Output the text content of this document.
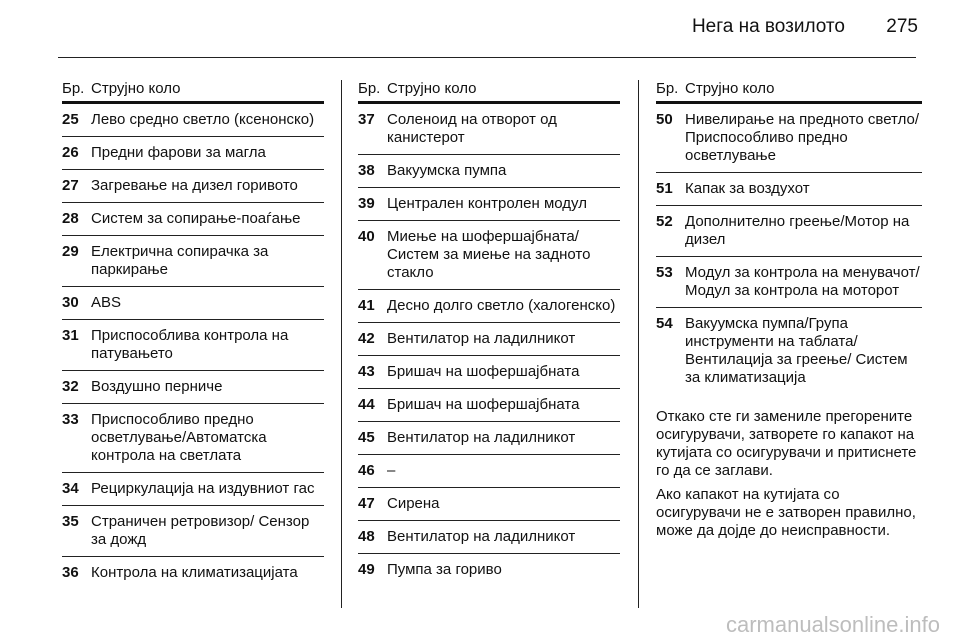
Нега на возилото 275
Бр. Струјно коло
25 Лево средно светло (ксенонско)
26 Предни фарови за магла
27 Загревање на дизел горивото
28 Систем за сопирање-поаѓање
29 Електрична сопирачка за паркирање
30 ABS
31 Приспособлива контрола на патувањето
32 Воздушно перниче
33 Приспособливо предно осветлување/Автоматска контрола на светлата
34 Рециркулација на издувниот гас
35 Страничен ретровизор/ Сензор за дожд
36 Контрола на климатизацијата
Бр. Струјно коло
37 Соленоид на отворот од канистерот
38 Вакуумска пумпа
39 Централен контролен модул
40 Миење на шофершајбната/ Систем за миење на задното стакло
41 Десно долго светло (халогенско)
42 Вентилатор на ладилникот
43 Бришач на шофершајбната
44 Бришач на шофершајбната
45 Вентилатор на ладилникот
46 –
47 Сирена
48 Вентилатор на ладилникот
49 Пумпа за гориво
Бр. Струјно коло
50 Нивелирање на предното светло/Приспособливо предно осветлување
51 Капак за воздухот
52 Дополнително греење/Мотор на дизел
53 Модул за контрола на менувачот/Модул за контрола на моторот
54 Вакуумска пумпа/Група инструменти на таблата/ Вентилација за греење/ Систем за климатизација
Откако сте ги замениле прегорените осигурувачи, затворете го капакот на кутијата со осигурувачи и притиснете го да се заглави.
Ако капакот на кутијата со осигурувачи не е затворен правилно, може да дојде до неисправности.
carmanualsonline.info
